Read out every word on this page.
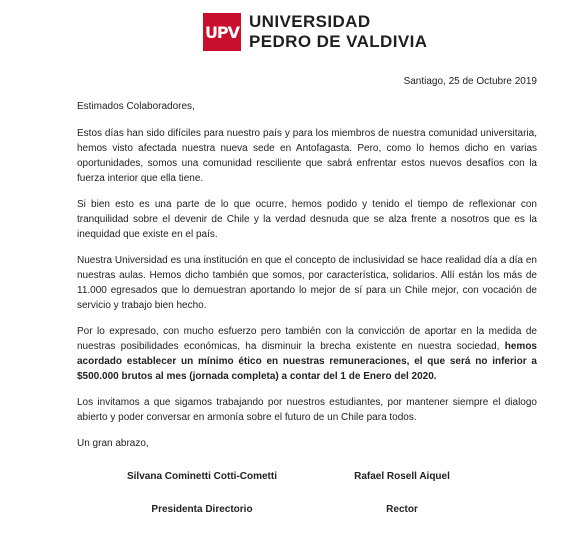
UPV
UNIVERSIDAD
PEDRO DE VALDIVIA

Santiago, 25 de Octubre 2019

Estimados Colaboradores,

Estos días han sido difíciles para nuestro país y para los miembros de nuestra comunidad universitaria, hemos visto afectada nuestra nueva sede en Antofagasta. Pero, como lo hemos dicho en varias oportunidades, somos una comunidad resciliente que sabrá enfrentar estos nuevos desafíos con la fuerza interior que ella tiene.

Si bien esto es una parte de lo que ocurre, hemos podido y tenido el tiempo de reflexionar con tranquilidad sobre el devenir de Chile y la verdad desnuda que se alza frente a nosotros que es la inequidad que existe en el país.

Nuestra Universidad es una institución en que el concepto de inclusividad se hace realidad día a día en nuestras aulas. Hemos dicho también que somos, por característica, solidarios. Allí están los más de 11.000 egresados que lo demuestran aportando lo mejor de sí para un Chile mejor, con vocación de servicio y trabajo bien hecho.

Por lo expresado, con mucho esfuerzo pero también con la convicción de aportar en la medida de nuestras posibilidades económicas, ha disminuir la brecha existente en nuestra sociedad, hemos acordado establecer un mínimo ético en nuestras remuneraciones, el que será no inferior a $500.000 brutos al mes (jornada completa) a contar del 1 de Enero del 2020.

Los invitamos a que sigamos trabajando por nuestros estudiantes, por mantener siempre el dialogo abierto y poder conversar en armonía sobre el futuro de un Chile para todos.

Un gran abrazo,

Silvana Cominetti Cotti-Cometti
Presidenta Directorio
Rafael Rosell Aiquel
Rector
